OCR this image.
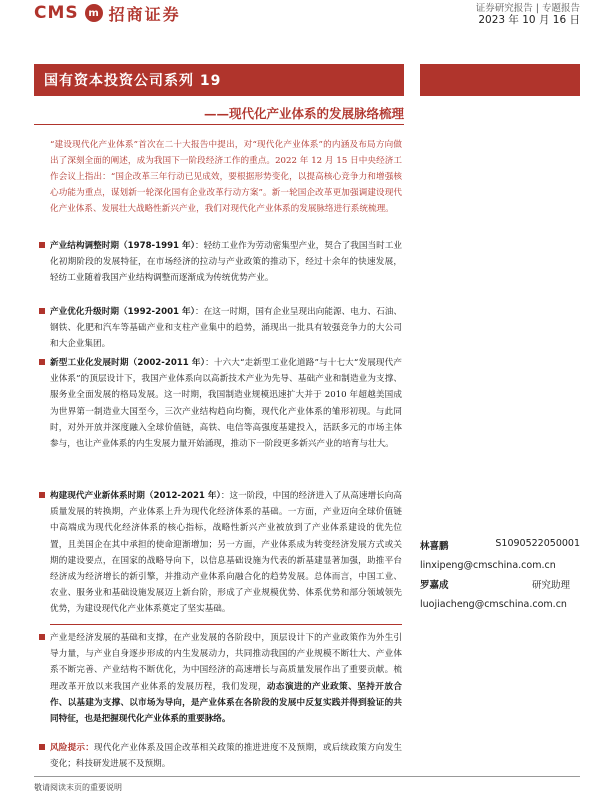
CMS m 招商证券	证券研究报告 | 专题报告
2023 年 10 月 16 日
国有资本投资公司系列 19
——现代化产业体系的发展脉络梳理

“建设现代化产业体系”首次在二十大报告中提出，对“现代化产业体系”的内涵及布局方向做出了深刻全面的阐述，成为我国下一阶段经济工作的重点。2022 年 12 月 15 日中央经济工作会议上指出：“国企改革三年行动已见成效，要根据形势变化，以提高核心竞争力和增强核心功能为重点，谋划新一轮深化国有企业改革行动方案”。新一轮国企改革更加强调建设现代化产业体系、发展壮大战略性新兴产业，我们对现代化产业体系的发展脉络进行系统梳理。

产业结构调整时期（1978-1991 年）：轻纺工业作为劳动密集型产业，契合了我国当时工业化初期阶段的发展特征，在市场经济的拉动与产业政策的推动下，经过十余年的快速发展，轻纺工业随着我国产业结构调整而逐渐成为传统优势产业。

产业优化升级时期（1992-2001 年）：在这一时期，国有企业呈现出向能源、电力、石油、钢铁、化肥和汽车等基础产业和支柱产业集中的趋势，涌现出一批具有较强竞争力的大公司和大企业集团。

新型工业化发展时期（2002-2011 年）：十六大“走新型工业化道路”与十七大“发展现代产业体系”的顶层设计下，我国产业体系向以高新技术产业为先导、基础产业和制造业为支撑、服务业全面发展的格局发展。这一时期，我国制造业规模迅速扩大并于 2010 年超越美国成为世界第一制造业大国至今，三次产业结构趋向均衡，现代化产业体系的雏形初现。与此同时，对外开放并深度融入全球价值链，高铁、电信等高强度基建投入，活跃多元的市场主体参与，也让产业体系的内生发展力量开始涌现，推动下一阶段更多新兴产业的培育与壮大。

构建现代产业新体系时期（2012-2021 年）：这一阶段，中国的经济进入了从高速增长向高质量发展的转换期，产业体系上升为现代化经济体系的基础。一方面，产业迈向全球价值链中高端成为现代化经济体系的核心指标，战略性新兴产业被放到了产业体系建设的优先位置，且美国企在其中承担的使命迎渐增加；另一方面，产业体系成为转变经济发展方式或关期的建设要点，在国家的战略导向下，以信息基础设施为代表的新基建显著加强，助推平台经济成为经济增长的新引擎，并推动产业体系向融合化的趋势发展。总体而言，中国工业、农业、服务业和基础设施发展迈上新台阶，形成了产业规模优势、体系优势和部分领域领先优势，为建设现代化产业体系奠定了坚实基础。

产业是经济发展的基础和支撑，在产业发展的各阶段中，顶层设计下的产业政策作为外生引导力量，与产业自身逐步形成的内生发展动力，共同推动我国的产业规模不断壮大、产业体系不断完善、产业结构不断优化，为中国经济的高速增长与高质量发展作出了重要贡献。梳理改革开放以来我国产业体系的发展历程，我们发现，动态演进的产业政策、坚持开放合作、以基建为支撑、以市场为导向，是产业体系在各阶段的发展中反复实践并得到验证的共同特征，也是把握现代化产业体系的重要脉络。

风险提示：现代化产业体系及国企改革相关政策的推进进度不及预期，或后续政策方向发生变化；科技研发进展不及预期。

林喜鹏	S1090522050001
linxipeng@cmschina.com.cn
罗嘉成	研究助理
luojiacheng@cmschina.com.cn
敬请阅读末页的重要说明
